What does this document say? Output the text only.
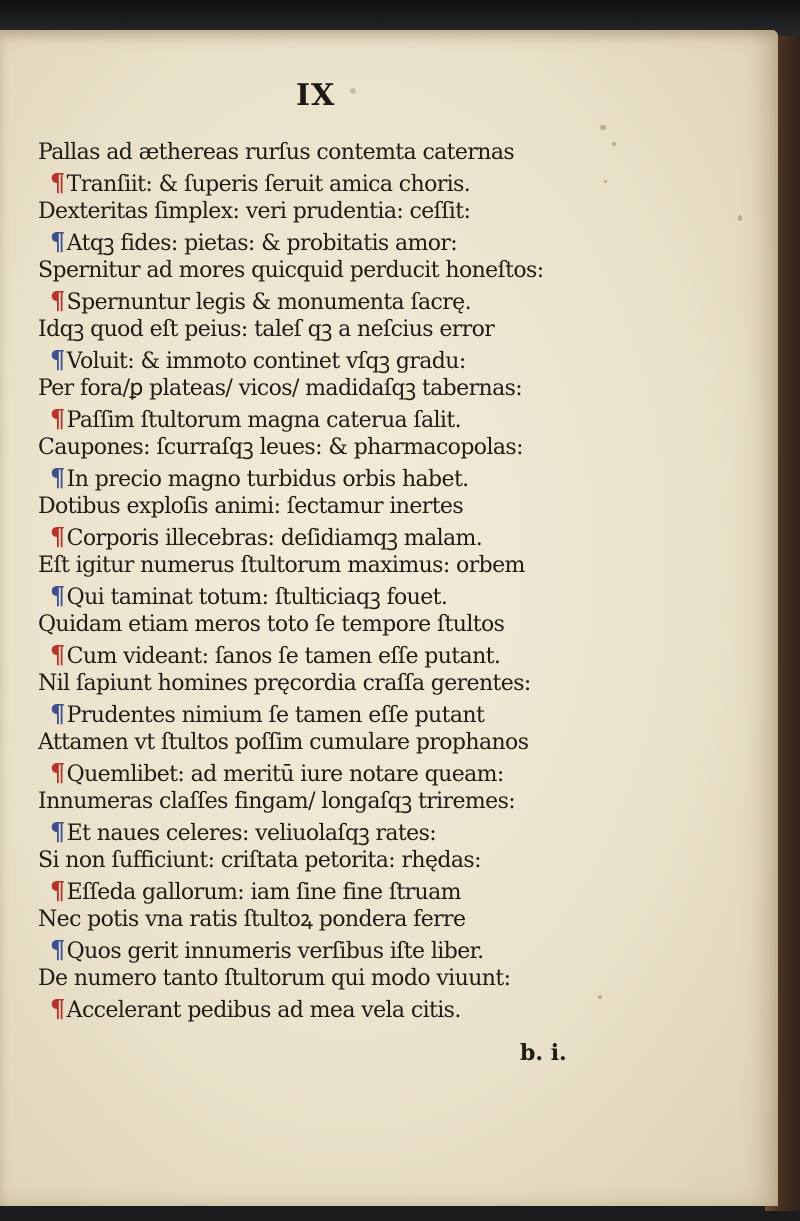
IX
Pallas ad æthereas rurſus contemta caternas
¶Tranſiit: & ſuperis ſeruit amica choris.
Dexteritas ſimplex: veri prudentia: ceſſit:
¶Atqꝫ fides: pietas: & probitatis amor:
Spernitur ad mores quicquid perducit honeſtos:
¶Spernuntur legis & monumenta ſacrę.
Idqꝫ quod eſt peius: taleſ qꝫ a neſcius error
¶Voluit: & immoto continet vſqꝫ gradu:
Per fora/ꝑ plateas/ vicos/ madidaſqꝫ tabernas:
¶Paſſim ſtultorum magna caterua ſalit.
Caupones: ſcurraſqꝫ leues: & pharmacopolas:
¶In precio magno turbidus orbis habet.
Dotibus exploſis animi: ſectamur inertes
¶Corporis illecebras: deſidiamqꝫ malam.
Eſt igitur numerus ſtultorum maximus: orbem
¶Qui taminat totum: ſtulticiaqꝫ fouet.
Quidam etiam meros toto ſe tempore ſtultos
¶Cum videant: ſanos ſe tamen eſſe putant.
Nil ſapiunt homines pręcordia craſſa gerentes:
¶Prudentes nimium ſe tamen eſſe putant
Attamen vt ſtultos poſſim cumulare prophanos
¶Quemlibet: ad meritū iure notare queam:
Innumeras claſſes fingam/ longaſqꝫ triremes:
¶Et naues celeres: veliuolaſqꝫ rates:
Si non ſufficiunt: criſtata petorita: rhędas:
¶Eſſeda gallorum: iam ſine fine ſtruam
Nec potis vna ratis ſtultoꝝ pondera ferre
¶Quos gerit innumeris verſibus iſte liber.
De numero tanto ſtultorum qui modo viuunt:
¶Accelerant pedibus ad mea vela citis.
b. i.
